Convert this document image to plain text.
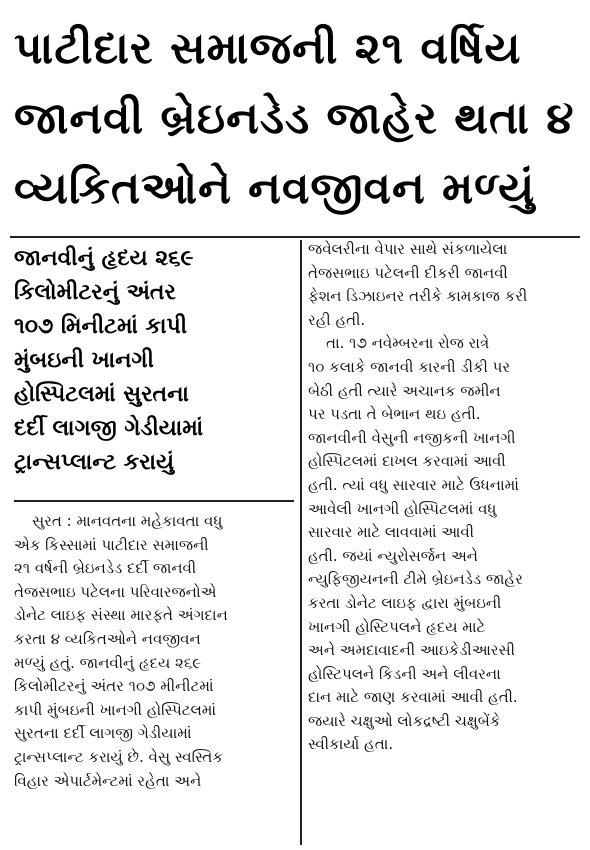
પાટીદાર સમાજની ૨૧ વર્ષિય
જાનવી બ્રેઇનડેડ જાહેર થતા ૪
વ્યકિતઓને નવજીવન મળ્યું
જાનવીનું હૃદય ૨૬૯
કિલોમીટરનું અંતર
૧૦૭ મિનીટમાં કાપી
મુંબઇની ખાનગી
હોસ્પિટલમાં સુરતના
દર્દી લાગજી ગેડીયામાં
ટ્રાન્સપ્લાન્ટ કરાયું
સુરત : માનવતના મહેકાવતા વધુ
એક કિસ્સામાં પાટીદાર સમાજની
૨૧ વર્ષની બ્રેઇનડેડ દર્દી જાનવી
તેજસભાઇ પટેલના પરિવારજનોએ
ડોનેટ લાઇફ સંસ્થા મારફતે અંગદાન
કરતા ૪ વ્યકિતઓને નવજીવન
મળ્યું હતું. જાનવીનું હૃદય ૨૬૯
કિલોમીટરનું અંતર ૧૦૭ મીનીટમાં
કાપી મુંબઇની ખાનગી હોસ્પિટલમાં
સુરતના દર્દી લાગજી ગેડીયામાં
ટ્રાન્સપ્લાન્ટ કરાયું છે. વેસુ સ્વસ્તિક
વિહાર એપાર્ટમેન્ટમાં રહેતા અને
જવેલરીના વેપાર સાથે સંકળાયેલા
તેજસભાઇ પટેલની દીકરી જાનવી
ફેશન ડિઝાઇનર તરીકે કામકાજ કરી
રહી હતી.
તા. ૧૭ નવેમ્બરના રોજ રાત્રે
૧૦ કલાકે જાનવી કારની ડીકી પર
બેઠી હતી ત્યારે અચાનક જમીન
પર પડતા તે બેભાન થઇ હતી.
જાનવીની વેસુની નજીકની ખાનગી
હોસ્પિટલમાં દાખલ કરવામાં આવી
હતી. ત્યાં વધુ સારવાર માટે ઉધનામાં
આવેલી ખાનગી હોસ્પિટલમાં વધુ
સારવાર માટે લાવવામાં આવી
હતી. જયાં ન્યુરોસર્જન અને
ન્યુફિજીયનની ટીમે બ્રેઇનડેડ જાહેર
કરતા ડોનેટ લાઇફ દ્વારા મુંબઇની
ખાનગી હોસ્ટિપલને હૃદય માટે
અને અમદાવાદની આઇકેડીઆરસી
હોસ્ટિપલને કિડની અને લીવરના
દાન માટે જાણ કરવામાં આવી હતી.
જયારે ચક્ષુઓ લોકદ્રષ્ટી ચક્ષુબેંકે
સ્વીકાર્યા હતા.
